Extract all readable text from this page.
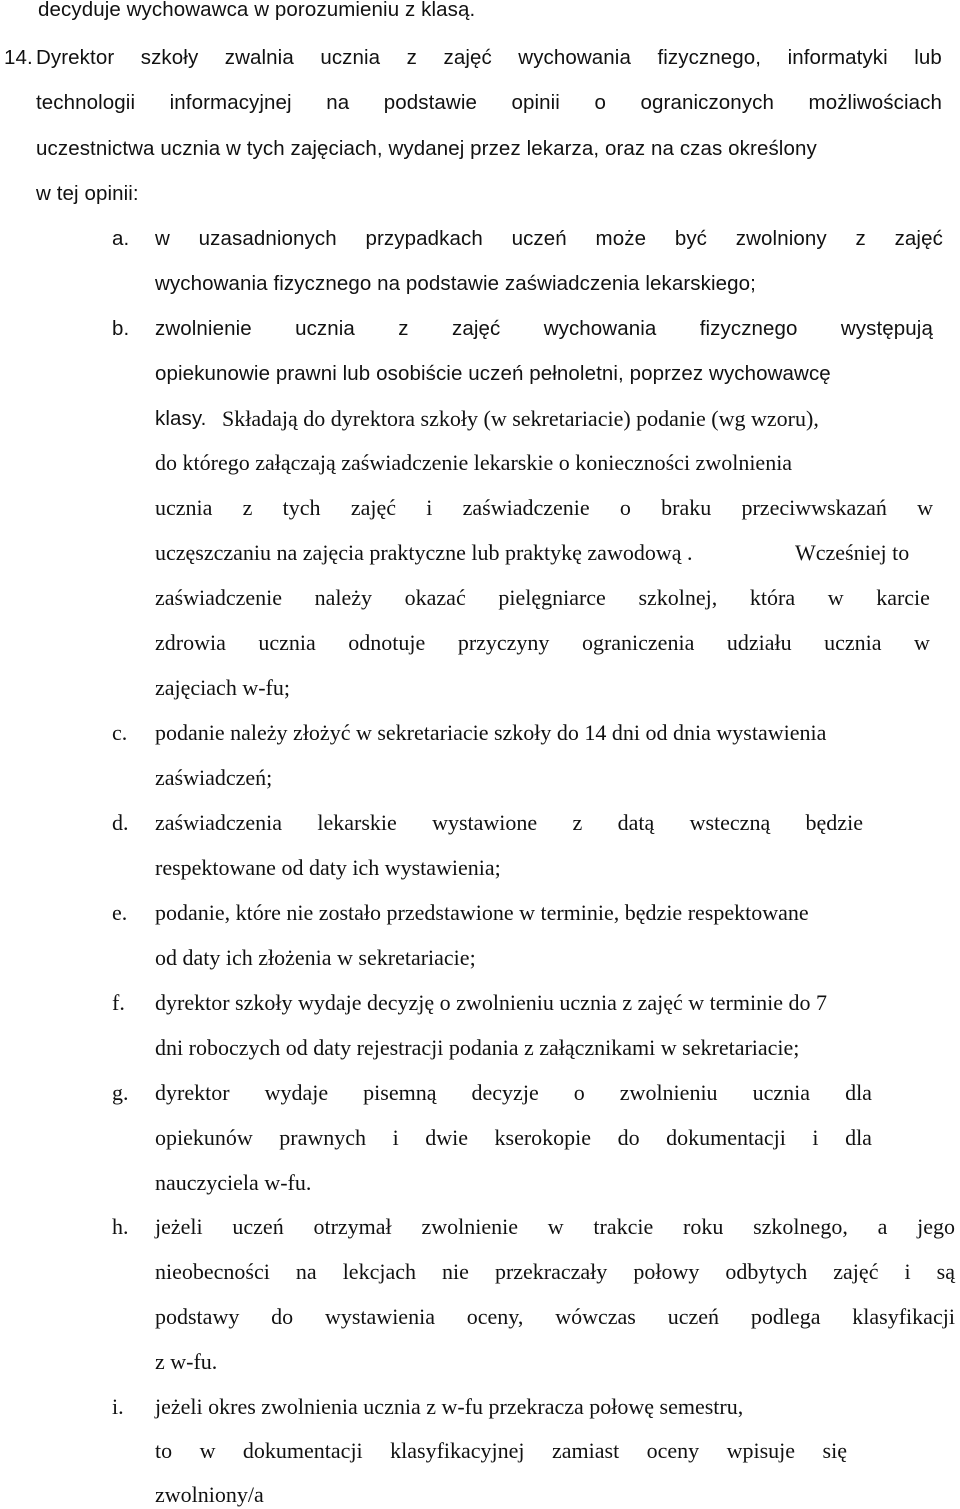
decyduje wychowawca w porozumieniu z klasą.
14. Dyrektor szkoły zwalnia ucznia z zajęć wychowania fizycznego, informatyki lub
technologii informacyjnej na podstawie opinii o ograniczonych możliwościach
uczestnictwa ucznia w tych zajęciach, wydanej przez lekarza, oraz na czas określony
w tej opinii:
a. w uzasadnionych przypadkach uczeń może być zwolniony z zajęć
wychowania fizycznego na podstawie zaświadczenia lekarskiego;
b. zwolnienie ucznia z zajęć wychowania fizycznego występują
opiekunowie prawni lub osobiście uczeń pełnoletni, poprzez wychowawcę
klasy. Składają do dyrektora szkoły (w sekretariacie) podanie (wg wzoru),
do którego załączają zaświadczenie lekarskie o konieczności zwolnienia
ucznia z tych zajęć i zaświadczenie o braku przeciwwskazań w
uczęszczaniu na zajęcia praktyczne lub praktykę zawodową .	Wcześniej to
zaświadczenie należy okazać pielęgniarce szkolnej, która w karcie
zdrowia ucznia odnotuje przyczyny ograniczenia udziału ucznia w
zajęciach w-fu;
c. podanie należy złożyć w sekretariacie szkoły do 14 dni od dnia wystawienia
zaświadczeń;
d. zaświadczenia lekarskie wystawione z datą wsteczną będzie
respektowane od daty ich wystawienia;
e. podanie, które nie zostało przedstawione w terminie, będzie respektowane
od daty ich złożenia w sekretariacie;
f. dyrektor szkoły wydaje decyzję o zwolnieniu ucznia z zajęć w terminie do 7
dni roboczych od daty rejestracji podania z załącznikami w sekretariacie;
g. dyrektor wydaje pisemną decyzje o zwolnieniu ucznia dla
opiekunów prawnych i dwie kserokopie do dokumentacji i dla
nauczyciela w-fu.
h. jeżeli uczeń otrzymał zwolnienie w trakcie roku szkolnego, a jego
nieobecności na lekcjach nie przekraczały połowy odbytych zajęć i są
podstawy do wystawienia oceny, wówczas uczeń podlega klasyfikacji
z w-fu.
i. jeżeli okres zwolnienia ucznia z w-fu przekracza połowę semestru,
to w dokumentacji klasyfikacyjnej zamiast oceny wpisuje się
zwolniony/a
